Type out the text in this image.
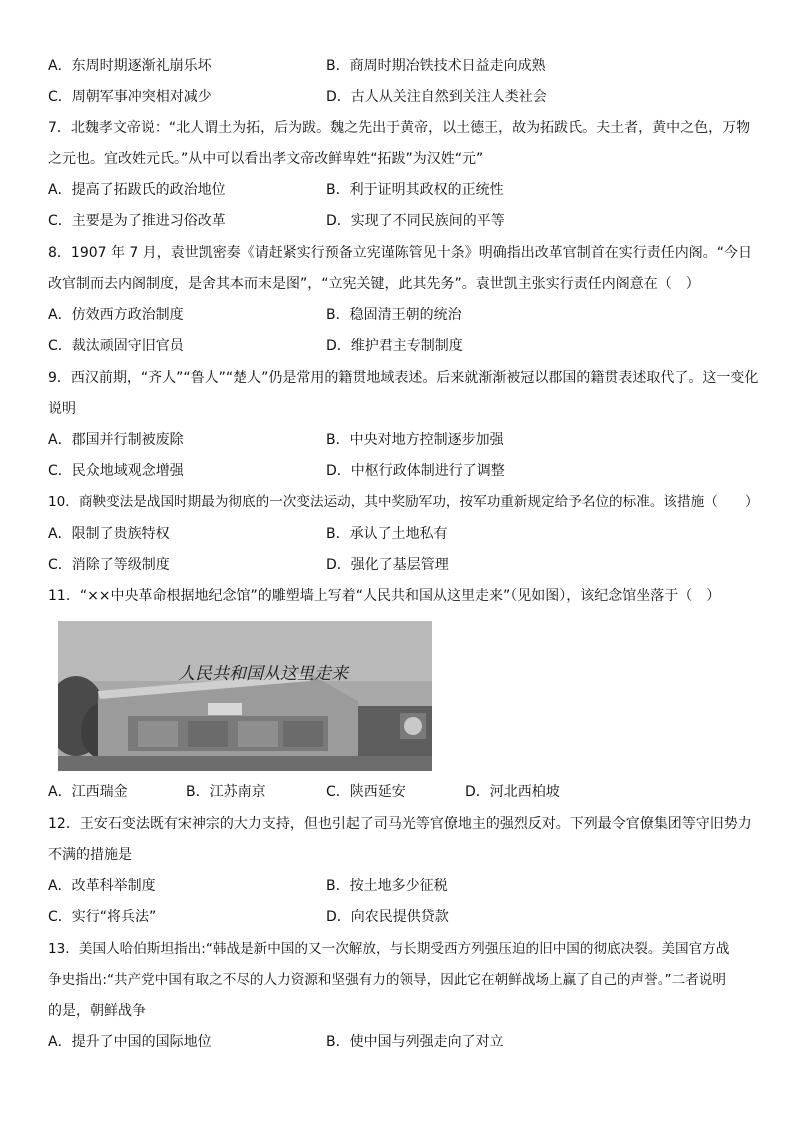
A．东周时期逐渐礼崩乐坏	B．商周时期冶铁技术日益走向成熟
C．周朝军事冲突相对减少	D．古人从关注自然到关注人类社会
7．北魏孝文帝说：“北人谓土为拓，后为跋。魏之先出于黄帝，以土德王，故为拓跋氏。夫土者，黄中之色，万物
之元也。宜改姓元氏。”从中可以看出孝文帝改鲜卑姓“拓跋”为汉姓“元”
A．提高了拓跋氏的政治地位	B．利于证明其政权的正统性
C．主要是为了推进习俗改革	D．实现了不同民族间的平等
8．1907 年 7 月，袁世凯密奏《请赶紧实行预备立宪谨陈管见十条》明确指出改革官制首在实行责任内阁。“今日
改官制而去内阁制度，是舍其本而末是图”，“立宪关键，此其先务”。袁世凯主张实行责任内阁意在（　）
A．仿效西方政治制度	B．稳固清王朝的统治
C．裁汰顽固守旧官员	D．维护君主专制制度
9．西汉前期，“齐人”“鲁人”“楚人”仍是常用的籍贯地域表述。后来就渐渐被冠以郡国的籍贯表述取代了。这一变化
说明
A．郡国并行制被废除	B．中央对地方控制逐步加强
C．民众地域观念增强	D．中枢行政体制进行了调整
10．商鞅变法是战国时期最为彻底的一次变法运动，其中奖励军功，按军功重新规定给予名位的标准。该措施（　　）
A．限制了贵族特权	B．承认了土地私有
C．消除了等级制度	D．强化了基层管理
11．“××中央革命根据地纪念馆”的雕塑墙上写着“人民共和国从这里走来”（见如图），该纪念馆坐落于（　）
人民共和国从这里走来
A．江西瑞金	B．江苏南京	C．陕西延安	D．河北西柏坡
12．王安石变法既有宋神宗的大力支持，但也引起了司马光等官僚地主的强烈反对。下列最令官僚集团等守旧势力
不满的措施是
A．改革科举制度	B．按土地多少征税
C．实行“将兵法”	D．向农民提供贷款
13．美国人哈伯斯坦指出:“韩战是新中国的又一次解放，与长期受西方列强压迫的旧中国的彻底决裂。美国官方战
争史指出:“共产党中国有取之不尽的人力资源和坚强有力的领导，因此它在朝鲜战场上赢了自己的声誉。”二者说明
的是，朝鲜战争
A．提升了中国的国际地位	B．使中国与列强走向了对立
